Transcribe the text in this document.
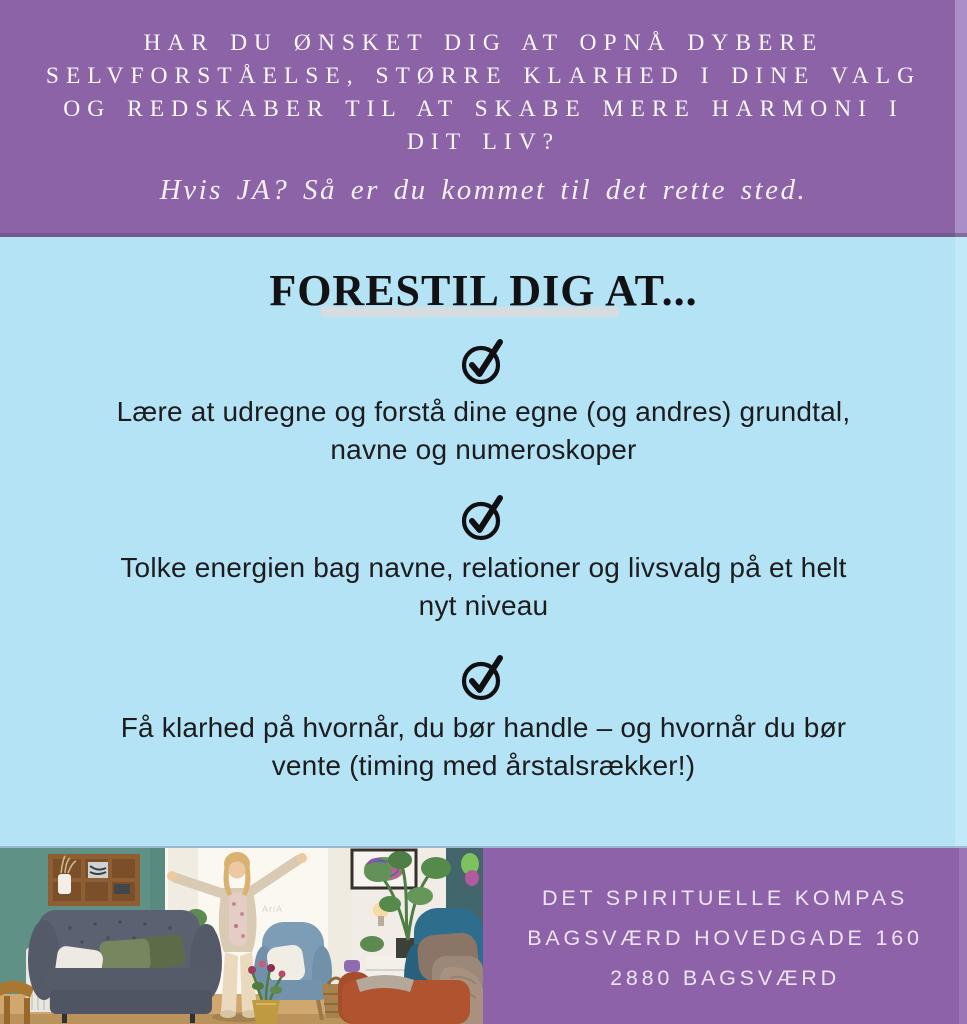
HAR DU ØNSKET DIG AT OPNÅ DYBERE
SELVFORSTÅELSE, STØRRE KLARHED I DINE VALG
OG REDSKABER TIL AT SKABE MERE HARMONI I
DIT LIV?
Hvis JA? Så er du kommet til det rette sted.
FORESTIL DIG AT...
Lære at udregne og forstå dine egne (og andres) grundtal,
navne og numeroskoper
Tolke energien bag navne, relationer og livsvalg på et helt
nyt niveau
Få klarhed på hvornår, du bør handle – og hvornår du bør
vente (timing med årstalsrækker!)
AriA	DET SPIRITUELLE KOMPAS
BAGSVÆRD HOVEDGADE 160
2880 BAGSVÆRD
